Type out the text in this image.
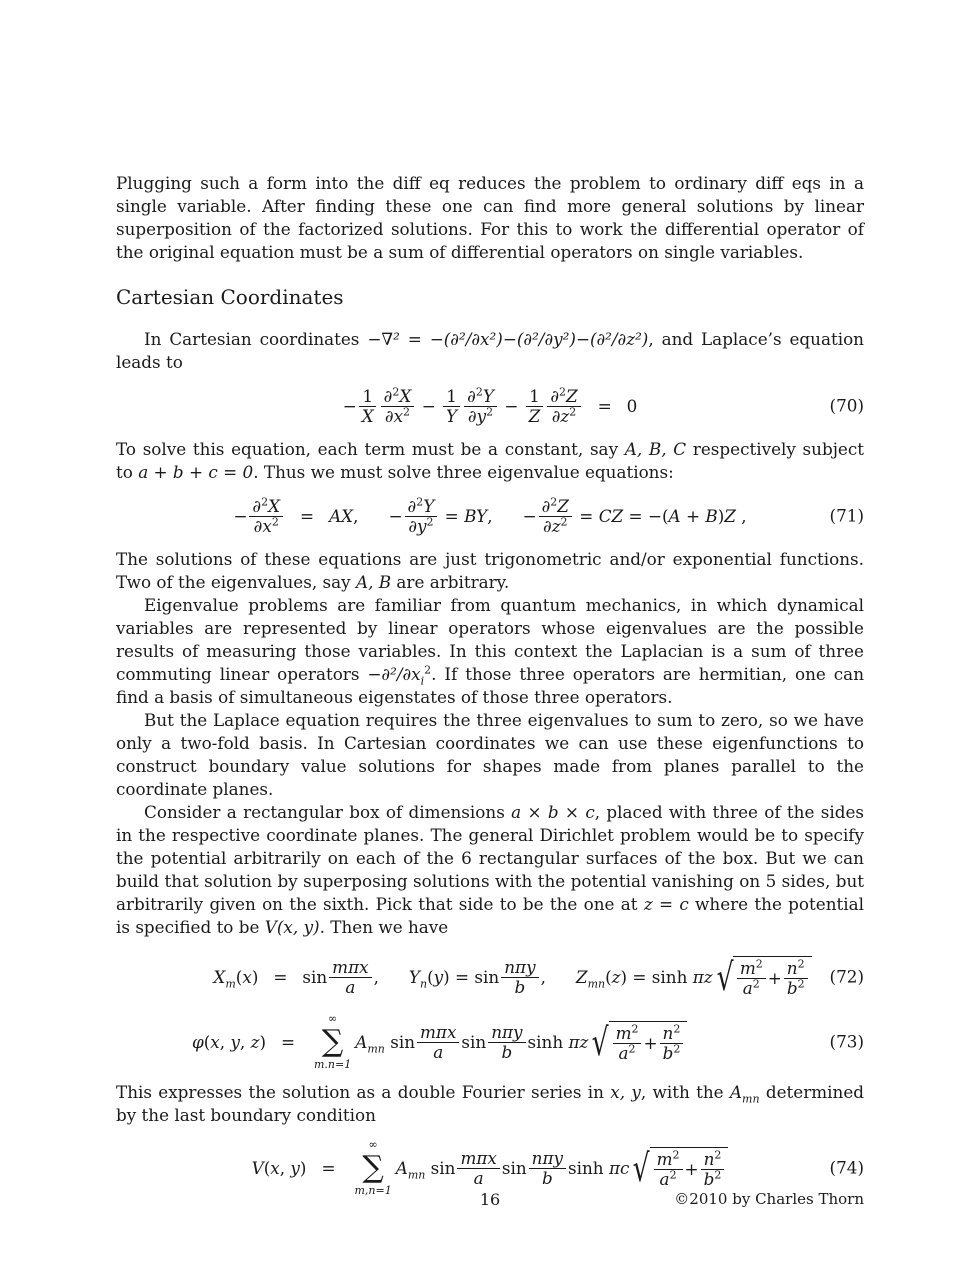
Plugging such a form into the diff eq reduces the problem to ordinary diff eqs in a single variable. After finding these one can find more general solutions by linear superposition of the factorized solutions. For this to work the differential operator of the original equation must be a sum of differential operators on single variables.

Cartesian Coordinates

In Cartesian coordinates −∇² = −(∂²/∂x²)−(∂²/∂y²)−(∂²/∂z²), and Laplace’s equation leads to

− $\frac{1}{X} \frac{\partial^2X}{\partial x^2} - \frac{1}{Y} \frac{\partial^2Y}{\partial y^2} - \frac{1}{Z} \frac{\partial^2Z}{\partial z^2}$	= 0	(70)

To solve this equation, each term must be a constant, say A, B, C respectively subject to a + b + c = 0. Thus we must solve three eigenvalue equations:

− $\frac{\partial^2X}{\partial x^2}$	= AX, − $\frac{\partial^2Y}{\partial y^2}$ = BY, − $\frac{\partial^2Z}{\partial z^2}$ = CZ = −(A + B)Z ,	(71)

The solutions of these equations are just trigonometric and/or exponential functions. Two of the eigenvalues, say A, B are arbitrary.

Eigenvalue problems are familiar from quantum mechanics, in which dynamical variables are represented by linear operators whose eigenvalues are the possible results of measuring those variables. In this context the Laplacian is a sum of three commuting linear operators $-\partial^2/\partial x_i^2$. If those three operators are hermitian, one can find a basis of simultaneous eigenstates of those three operators.

But the Laplace equation requires the three eigenvalues to sum to zero, so we have only a two-fold basis. In Cartesian coordinates we can use these eigenfunctions to construct boundary value solutions for shapes made from planes parallel to the coordinate planes.

Consider a rectangular box of dimensions a × b × c, placed with three of the sides in the respective coordinate planes. The general Dirichlet problem would be to specify the potential arbitrarily on each of the 6 rectangular surfaces of the box. But we can build that solution by superposing solutions with the potential vanishing on 5 sides, but arbitrarily given on the sixth. Pick that side to be the one at z = c where the potential is specified to be V(x, y). Then we have

$X_m(x) = \sin \frac{\text{mπx}}{a}$ , $Y_n(y) = \sin \frac{\text{nπy}}{b}$ , $Z_{mn}(z) = \sinh \pi z$ √ $\frac{m^2}{a^2} + \frac{n^2}{b^2} (72)$
φ(x, y, z) =
∞
∑
m.n=1
$A_{mn}$ $\sin \frac{\text{mπx}}{a}$ $\sin \frac{\text{nπy}}{b}$ sinh πz √ $\frac{m^2}{a^2} + \frac{n^2}{b^2}$	(73)

This expresses the solution as a double Fourier series in x, y, with the $A_{mn}$ determined by the last boundary condition

V(x, y) =
∞
∑
m,n=1
$A_{mn}$ $\sin \frac{\text{mπx}}{a}$ $\sin \frac{\text{nπy}}{b}$ sinh πc √ $\frac{m^2}{a^2} + \frac{n^2}{b^2}$	(74)
16	©2010 by Charles Thorn
